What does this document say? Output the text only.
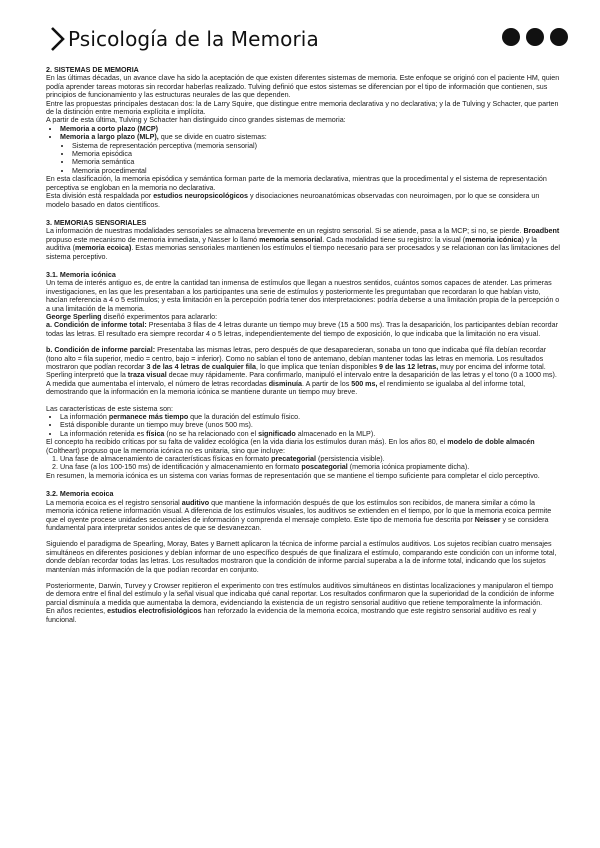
Psicología de la Memoria

2. SISTEMAS DE MEMORIA

En las últimas décadas, un avance clave ha sido la aceptación de que existen diferentes sistemas de memoria. Este enfoque se originó con el paciente HM, quien podía aprender tareas motoras sin recordar haberlas realizado. Tulving definió que estos sistemas se diferencian por el tipo de información que contienen, sus principios de funcionamiento y las estructuras neurales de las que dependen.

Entre las propuestas principales destacan dos: la de Larry Squire, que distingue entre memoria declarativa y no declarativa; y la de Tulving y Schacter, que parten de la distinción entre memoria explícita e implícita.

A partir de esta última, Tulving y Schacter han distinguido cinco grandes sistemas de memoria:

• Memoria a corto plazo (MCP)
• Memoria a largo plazo (MLP), que se divide en cuatro sistemas:
• Sistema de representación perceptiva (memoria sensorial)
• Memoria episódica
• Memoria semántica
• Memoria procedimental

En esta clasificación, la memoria episódica y semántica forman parte de la memoria declarativa, mientras que la procedimental y el sistema de representación perceptiva se engloban en la memoria no declarativa.

Esta división está respaldada por estudios neuropsicológicos y disociaciones neuroanatómicas observadas con neuroimagen, por lo que se considera un modelo basado en datos científicos.

3. MEMORIAS SENSORIALES

La información de nuestras modalidades sensoriales se almacena brevemente en un registro sensorial. Si se atiende, pasa a la MCP; si no, se pierde. Broadbent propuso este mecanismo de memoria inmediata, y Nasser lo llamó memoria sensorial. Cada modalidad tiene su registro: la visual (memoria icónica) y la auditiva (memoria ecoica). Estas memorias sensoriales mantienen los estímulos el tiempo necesario para ser procesados y se relacionan con las limitaciones del sistema perceptivo.

3.1. Memoria icónica

Un tema de interés antiguo es, de entre la cantidad tan inmensa de estímulos que llegan a nuestros sentidos, cuántos somos capaces de atender. Las primeras investigaciones, en las que les presentaban a los participantes una serie de estímulos y posteriormente les preguntaban que recordaran lo que habían visto, hacían referencia a 4 o 5 estímulos; y esta limitación en la percepción podría tener dos interpretaciones: podría deberse a una limitación propia de la percepción o a una limitación de la memoria.

George Sperling diseñó experimentos para aclararlo:

a. Condición de informe total: Presentaba 3 filas de 4 letras durante un tiempo muy breve (15 a 500 ms). Tras la desaparición, los participantes debían recordar todas las letras. El resultado era siempre recordar 4 o 5 letras, independientemente del tiempo de exposición, lo que indicaba que la limitación no era visual.

b. Condición de informe parcial: Presentaba las mismas letras, pero después de que desaparecieran, sonaba un tono que indicaba qué fila debían recordar (tono alto = fila superior, medio = centro, bajo = inferior). Como no sabían el tono de antemano, debían mantener todas las letras en memoria. Los resultados mostraron que podían recordar 3 de las 4 letras de cualquier fila, lo que implica que tenían disponibles 9 de las 12 letras, muy por encima del informe total.

Sperling interpretó que la traza visual decae muy rápidamente. Para confirmarlo, manipuló el intervalo entre la desaparición de las letras y el tono (0 a 1000 ms). A medida que aumentaba el intervalo, el número de letras recordadas disminuía. A partir de los 500 ms, el rendimiento se igualaba al del informe total, demostrando que la información en la memoria icónica se mantiene durante un tiempo muy breve.

Las características de este sistema son:

• La información permanece más tiempo que la duración del estímulo físico.
• Está disponible durante un tiempo muy breve (unos 500 ms).
• La información retenida es física (no se ha relacionado con el significado almacenado en la MLP).

El concepto ha recibido críticas por su falta de validez ecológica (en la vida diaria los estímulos duran más). En los años 80, el modelo de doble almacén (Coltheart) propuso que la memoria icónica no es unitaria, sino que incluye:

1. Una fase de almacenamiento de características físicas en formato precategorial (persistencia visible).
2. Una fase (a los 100-150 ms) de identificación y almacenamiento en formato poscategorial (memoria icónica propiamente dicha).

En resumen, la memoria icónica es un sistema con varias formas de representación que se mantiene el tiempo suficiente para completar el ciclo perceptivo.

3.2. Memoria ecoica

La memoria ecoica es el registro sensorial auditivo que mantiene la información después de que los estímulos son recibidos, de manera similar a cómo la memoria icónica retiene información visual. A diferencia de los estímulos visuales, los auditivos se extienden en el tiempo, por lo que la memoria ecoica permite que el oyente procese unidades secuenciales de información y comprenda el mensaje completo. Este tipo de memoria fue descrita por Neisser y se considera fundamental para interpretar sonidos antes de que se desvanezcan.

Siguiendo el paradigma de Spearling, Moray, Bates y Barnett aplicaron la técnica de informe parcial a estímulos auditivos. Los sujetos recibían cuatro mensajes simultáneos en diferentes posiciones y debían informar de uno específico después de que finalizara el estímulo, comparando este condición con un informe total, donde debían recordar todas las letras. Los resultados mostraron que la condición de informe parcial superaba a la de informe total, indicando que los sujetos mantenían más información de la que podían recordar en conjunto.

Posteriormente, Darwin, Turvey y Crowser repitieron el experimento con tres estímulos auditivos simultáneos en distintas localizaciones y manipularon el tiempo de demora entre el final del estímulo y la señal visual que indicaba qué canal reportar. Los resultados confirmaron que la superioridad de la condición de informe parcial disminuía a medida que aumentaba la demora, evidenciando la existencia de un registro sensorial auditivo que retiene temporalmente la información.

En años recientes, estudios electrofisiológicos han reforzado la evidencia de la memoria ecoica, mostrando que este registro sensorial auditivo es real y funcional.
